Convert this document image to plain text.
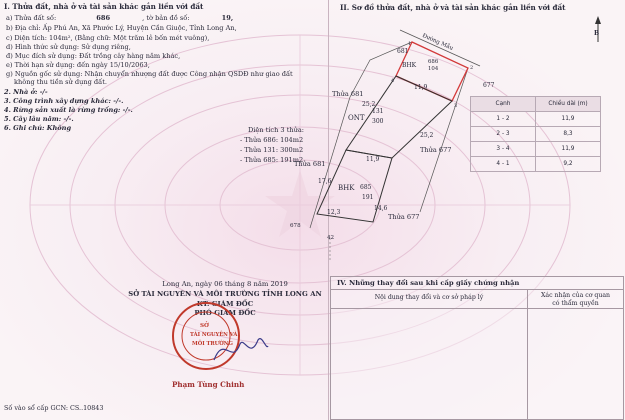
I. Thửa đất, nhà ở và tài sản khác gắn liền với đất
a) Thửa đất số:	686	, tờ bản đồ số:	19,
b) Địa chỉ: Ấp Phú An, Xã Phước Lý, Huyện Cần Giuộc, Tỉnh Long An,
c) Diện tích: 104m², (Bằng chữ: Một trăm lẻ bốn mét vuông),
d) Hình thức sử dụng: Sử dụng riêng,
đ) Mục đích sử dụng: Đất trồng cây hàng năm khác,
e) Thời hạn sử dụng: đến ngày 15/10/2063,
g) Nguồn gốc sử dụng: Nhận chuyển nhượng đất được Công nhận QSDĐ như giao đất
không thu tiền sử dụng đất.
2. Nhà ở: -/-
3. Công trình xây dựng khác: -/-.
4. Rừng sản xuất là rừng trồng: -/-.
5. Cây lâu năm: -/-.
6. Ghi chú: Không
II. Sơ đồ thửa đất, nhà ở và tài sản khác gắn liền với đất
B
Đường Mẫu
681
BHK 686
104
677
Thửa 681
ONT
131
300
Thửa 677
Thửa 681
BHK 685
191
Thửa 677
678
42
25,2
11,9
25,2
11,9
17,6
12,3
14,6
1
2
3
4
Diện tích 3 thửa:
- Thửa 686: 104m2
- Thửa 131: 300m2
- Thửa 685: 191m2
Cạnh	Chiều dài (m)
1 - 2	11,9
2 - 3	8,3
3 - 4	11,9
4 - 1	9,2
Long An, ngày 06 tháng 8 năm 2019
SỞ TÀI NGUYÊN VÀ MÔI TRƯỜNG TỈNH LONG AN
KT. GIÁM ĐỐC
PHÓ GIÁM ĐỐC
SỞ
TÀI NGUYÊN VÀ
MÔI TRƯỜNG
Phạm Tùng Chinh
Số vào sổ cấp GCN: CS..10843
IV. Những thay đổi sau khi cấp giấy chứng nhận
Nội dung thay đổi và cơ sở pháp lý	Xác nhận của cơ quan
có thẩm quyền
